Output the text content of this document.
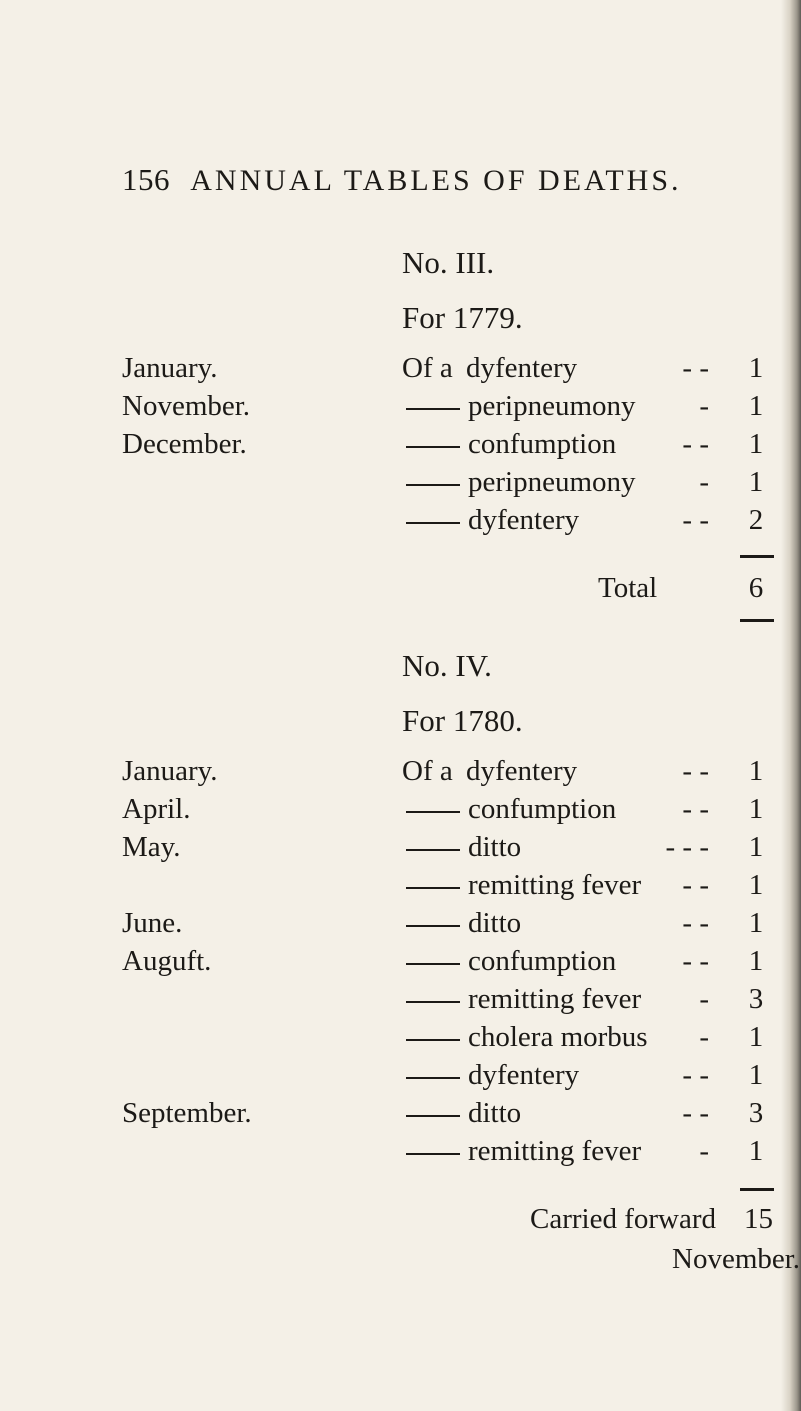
156 ANNUAL TABLES OF DEATHS.
No. III.
For 1779.
January.	Of a dyfentery	- - 1
November.	peripneumony - 1
December.	confumption - - 1
peripneumony - 1
dyfentery	- - 2
Total	6
No. IV.
For 1780.
January.	Of a dyfentery	- - 1
April.	confumption - - 1
May.	ditto	- - - 1
remitting fever - - 1
June.	ditto	- - 1
Auguft.	confumption - - 1
remitting fever - 3
cholera morbus - 1
dyfentery	- - 1
September.	ditto	- - 3
remitting fever - 1
Carried forward 15
November.
